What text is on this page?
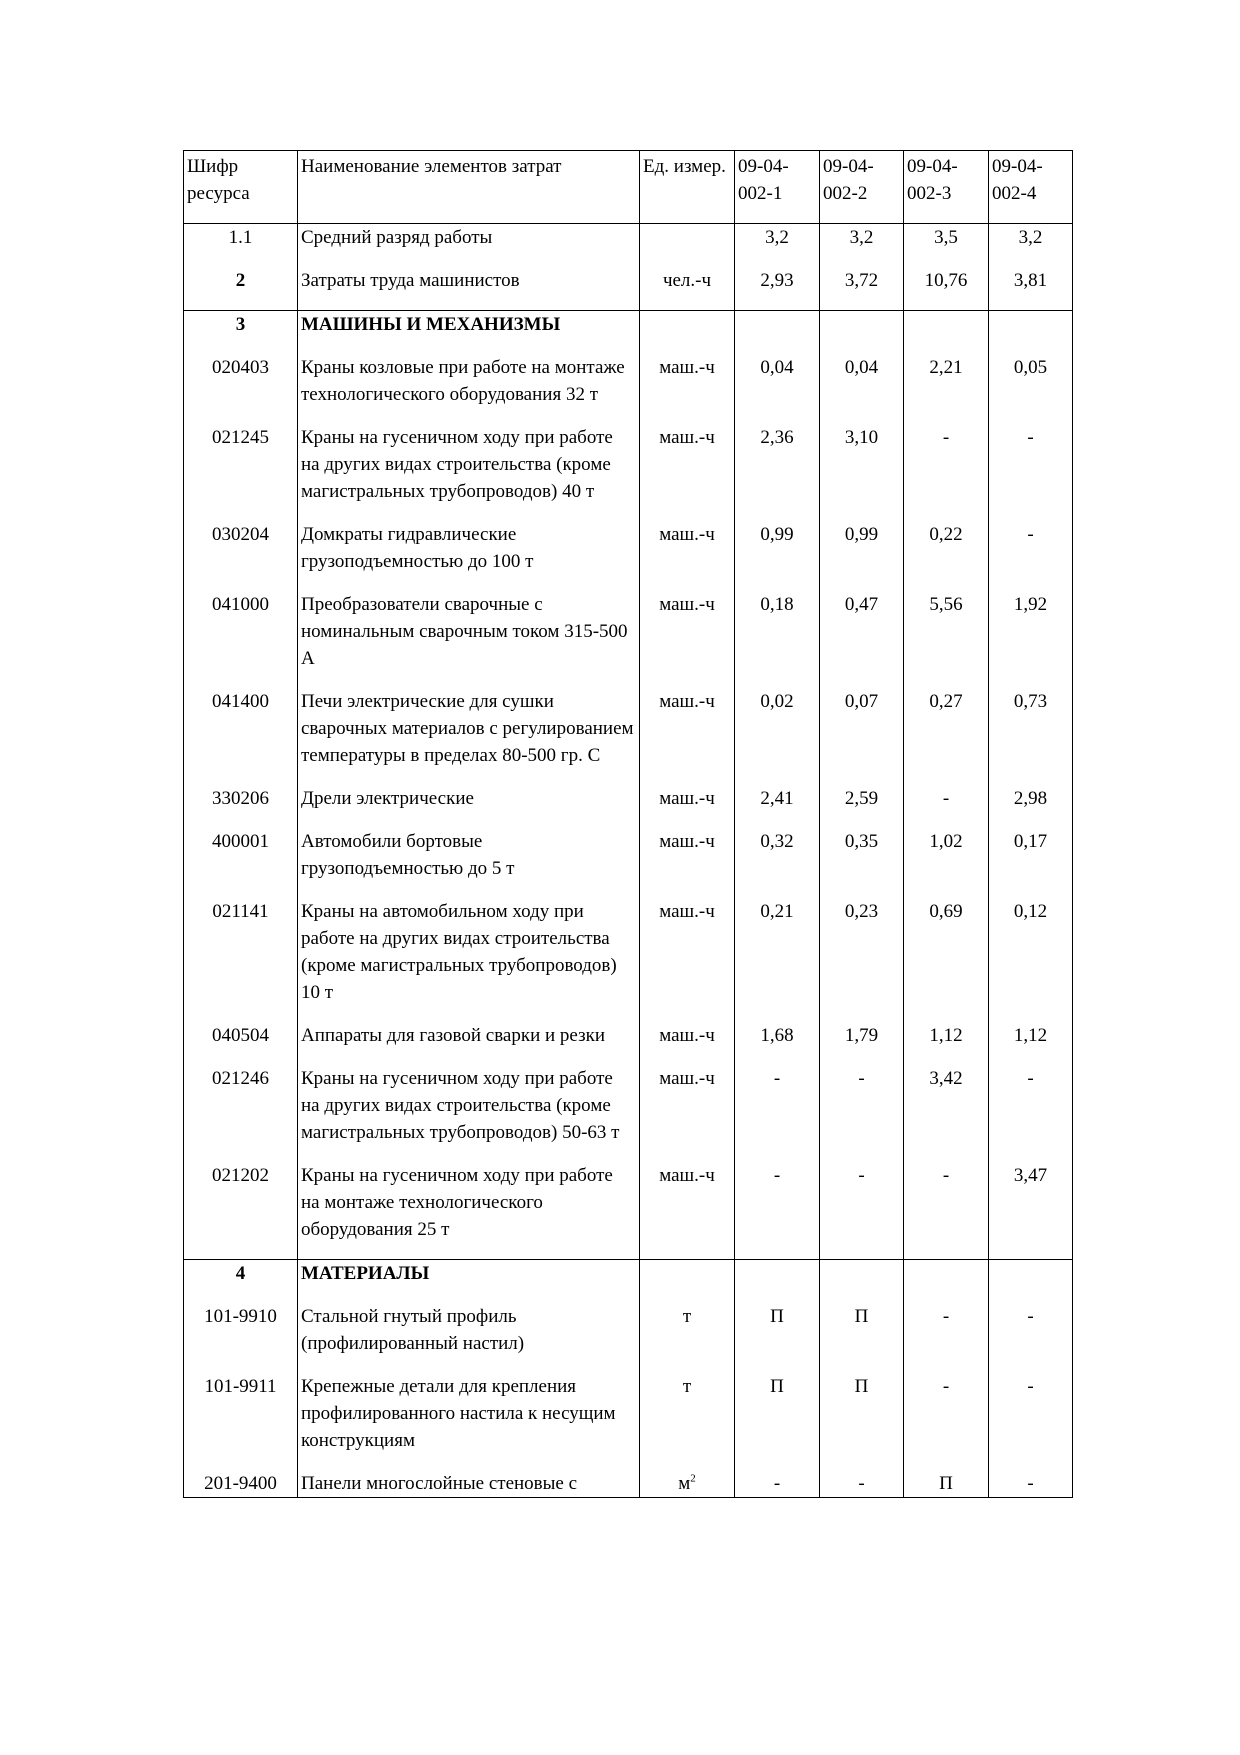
Шифр ресурса	Наименование элементов затрат	Ед. измер.	09-04-002-1	09-04-002-2	09-04-002-3	09-04-002-4

1.1	Средний разряд работы		3,2	3,2	3,5	3,2

2	Затраты труда машинистов	чел.-ч	2,93	3,72	10,76	3,81

3	МАШИНЫ И МЕХАНИЗМЫ					

020403	Краны козловые при работе на монтаже технологического оборудования 32 т	маш.-ч	0,04	0,04	2,21	0,05

021245	Краны на гусеничном ходу при работе на других видах строительства (кроме магистральных трубопроводов) 40 т	маш.-ч	2,36	3,10	-	-

030204	Домкраты гидравлические грузоподъемностью до 100 т	маш.-ч	0,99	0,99	0,22	-

041000	Преобразователи сварочные с номинальным сварочным током 315-500 А	маш.-ч	0,18	0,47	5,56	1,92

041400	Печи электрические для сушки сварочных материалов с регулированием температуры в пределах 80-500 гр. С	маш.-ч	0,02	0,07	0,27	0,73

330206	Дрели электрические	маш.-ч	2,41	2,59	-	2,98

400001	Автомобили бортовые грузоподъемностью до 5 т	маш.-ч	0,32	0,35	1,02	0,17

021141	Краны на автомобильном ходу при работе на других видах строительства (кроме магистральных трубопроводов) 10 т	маш.-ч	0,21	0,23	0,69	0,12

040504	Аппараты для газовой сварки и резки	маш.-ч	1,68	1,79	1,12	1,12

021246	Краны на гусеничном ходу при работе на других видах строительства (кроме магистральных трубопроводов) 50-63 т	маш.-ч	-	-	3,42	-

021202	Краны на гусеничном ходу при работе на монтаже технологического оборудования 25 т	маш.-ч	-	-	-	3,47

4	МАТЕРИАЛЫ					

101-9910	Стальной гнутый профиль (профилированный настил)	т	П	П	-	-

101-9911	Крепежные детали для крепления профилированного настила к несущим конструкциям	т	П	П	-	-

201-9400	Панели многослойные стеновые с	$м^2$	-	-	П	-
